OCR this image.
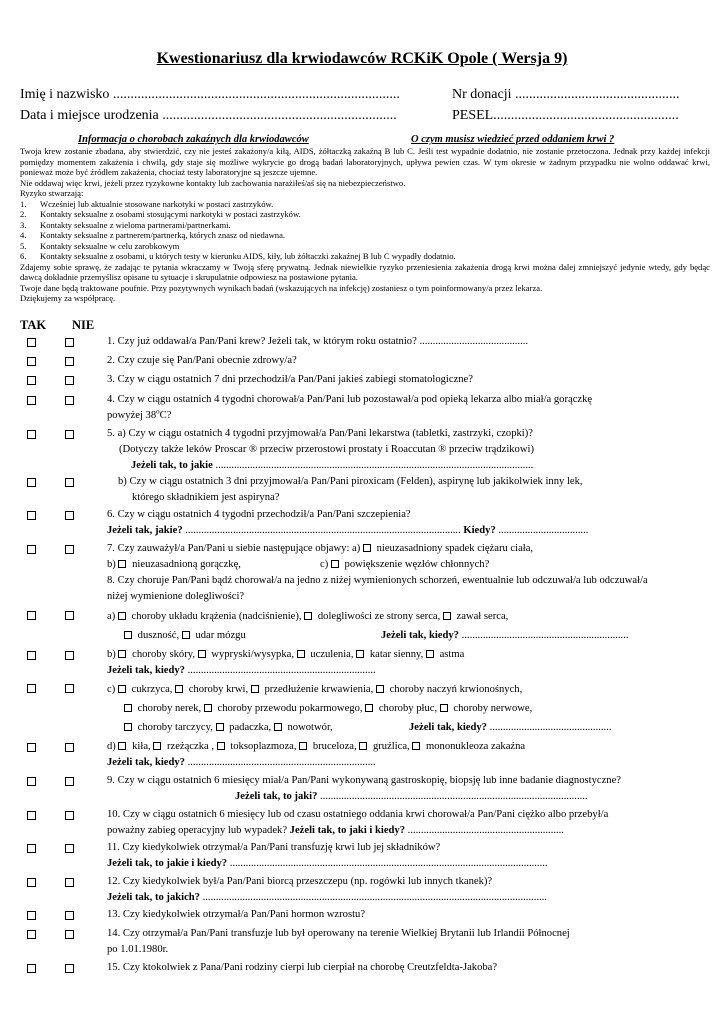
Kwestionariusz dla krwiodawców RCKiK Opole ( Wersja 9)
Imię i nazwisko ..................................................................................	Nr donacji ...............................................
Data i miejsce urodzenia ...................................................................	PESEL.....................................................
Informacja o chorobach zakaźnych dla krwiodawców	O czym musisz wiedzieć przed oddaniem krwi ?

Twoja krew zostanie zbadana, aby stwierdzić, czy nie jesteś zakażony/a kiłą, AIDS, żółtaczką zakaźną B lub C. Jeśli test wypadnie dodatnio, nie zostanie przetoczona. Jednak przy każdej infekcji pomiędzy momentem zakażenia i chwilą, gdy staje się możliwe wykrycie go drogą badań laboratoryjnych, upływa pewien czas. W tym okresie w żadnym przypadku nie wolno oddawać krwi, ponieważ może być źródłem zakażenia, chociaż testy laboratoryjne są jeszcze ujemne.

Nie oddawaj więc krwi, jeżeli przez ryzykowne kontakty lub zachowania narażiłeś/aś się na niebezpieczeństwo.

Ryzyko stwarzają:

1.	Wcześniej lub aktualnie stosowane narkotyki w postaci zastrzyków.
2.	Kontakty seksualne z osobami stosującymi narkotyki w postaci zastrzyków.
3.	Kontakty seksualne z wieloma partnerami/partnerkami.
4.	Kontakty seksualne z partnerem/partnerką, których znasz od niedawna.
5.	Kontakty seksualne w celu zarobkowym
6.	Kontakty seksualne z osobami, u których testy w kierunku AIDS, kiły, lub żółtaczki zakaźnej B lub C wypadły dodatnio.

Zdajemy sobie sprawę, że zadając te pytania wkraczamy w Twoją sferę prywatną. Jednak niewielkie ryzyko przeniesienia zakażenia drogą krwi można dalej zmniejszyć jedynie wtedy, gdy będąc dawcą dokładnie przemyślisz opisane tu sytuacje i skrupulatnie odpowiesz na postawione pytania.

Twoje dane będą traktowane poufnie. Przy pozytywnych wynikach badań (wskazujących na infekcję) zostaniesz o tym poinformowany/a przez lekarza.

Dziękujemy za współpracę.

TAK NIE
1. Czy już oddawał/a Pan/Pani krew? Jeżeli tak, w którym roku ostatnio? .........................................
2. Czy czuje się Pan/Pani obecnie zdrowy/a?
3. Czy w ciągu ostatnich 7 dni przechodził/a Pan/Pani jakieś zabiegi stomatologiczne?
4. Czy w ciągu ostatnich 4 tygodni chorował/a Pan/Pani lub pozostawał/a pod opieką lekarza albo miał/a gorączkę
powyżej 38$^o$C?
5. a) Czy w ciągu ostatnich 4 tygodni przyjmował/a Pan/Pani lekarstwa (tabletki, zastrzyki, czopki)?
(Dotyczy także leków Proscar ® przeciw przerostowi prostaty i Roaccutan ® przeciw trądzikowi)
Jeżeli tak, to jakie ........................................................................................................................
b) Czy w ciągu ostatnich 3 dni przyjmował/a Pan/Pani piroxicam (Felden), aspirynę lub jakikolwiek inny lek,
którego składnikiem jest aspiryna?
6. Czy w ciągu ostatnich 4 tygodni przechodził/a Pan/Pani szczepienia?
Jeżeli tak, jakie? ........................................................................................................ Kiedy? ..................................
7. Czy zauważył/a Pan/Pani u siebie następujące objawy: a)  nieuzasadniony spadek ciężaru ciała,
b)  nieuzasadnioną gorączkę,	c)  powiększenie węzłów chłonnych?
8. Czy choruje Pan/Pani bądź chorował/a na jedno z niżej wymienionych schorzeń, ewentualnie lub odczuwał/a lub odczuwał/a
niżej wymienione dolegliwości?
a)  choroby układu krążenia (nadciśnienie),  dolegliwości ze strony serca,  zawał serca,
duszność,  udar mózgu	Jeżeli tak, kiedy? ...............................................................
b)  choroby skóry,  wypryski/wysypka,  uczulenia,  katar sienny,  astma
Jeżeli tak, kiedy? .......................................................................
c)  cukrzyca,  choroby krwi,  przedłużenie krwawienia,  choroby naczyń krwionośnych,
choroby nerek,  choroby przewodu pokarmowego,  choroby płuc,  choroby nerwowe,
choroby tarczycy,  padaczka,  nowotwór,	Jeżeli tak, kiedy? ..............................................
d)  kiła,  rzeżączka ,  toksoplazmoza,  bruceloza,  gruźlica,  mononukleoza zakaźna
Jeżeli tak, kiedy? .......................................................................
9. Czy w ciągu ostatnich 6 miesięcy miał/a Pan/Pani wykonywaną gastroskopię, biopsję lub inne badanie diagnostyczne?
Jeżeli tak, to jaki? .....................................................................................................
10. Czy w ciągu ostatnich 6 miesięcy lub od czasu ostatniego oddania krwi chorował/a Pan/Pani ciężko albo przebył/a
poważny zabieg operacyjny lub wypadek? Jeżeli tak, to jaki i kiedy? ...........................................................
11. Czy kiedykolwiek otrzymał/a Pan/Pani transfuzję krwi lub jej składników?
Jeżeli tak, to jakie i kiedy? ........................................................................................................................
12. Czy kiedykolwiek był/a Pan/Pani biorcą przeszczepu (np. rogówki lub innych tkanek)?
Jeżeli tak, to jakich? ..................................................................................................................................
13. Czy kiedykolwiek otrzymał/a Pan/Pani hormon wzrostu?
14. Czy otrzymał/a Pan/Pani transfuzje lub był operowany na terenie Wielkiej Brytanii lub Irlandii Północnej
po 1.01.1980r.
15. Czy ktokolwiek z Pana/Pani rodziny cierpi lub cierpiał na chorobę Creutzfeldta-Jakoba?
